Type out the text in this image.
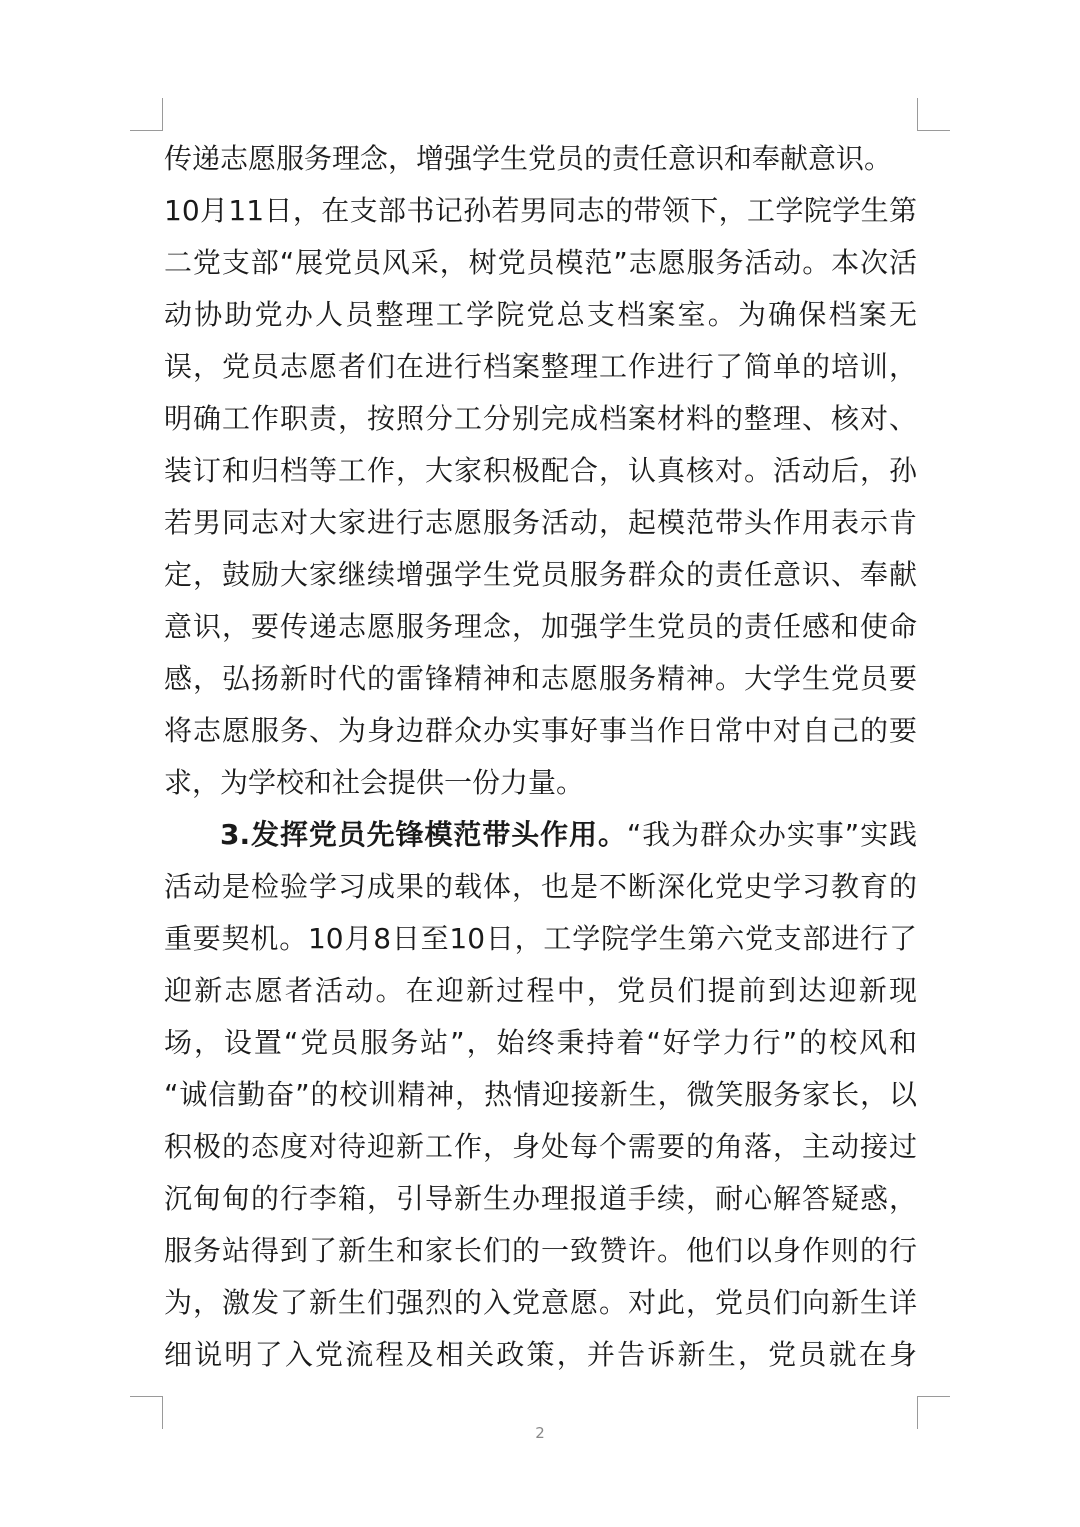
传递志愿服务理念，增强学生党员的责任意识和奉献意识。
10月11日，在支部书记孙若男同志的带领下，工学院学生第
二党支部“展党员风采，树党员模范”志愿服务活动。本次活
动协助党办人员整理工学院党总支档案室。为确保档案无
误，党员志愿者们在进行档案整理工作进行了简单的培训，
明确工作职责，按照分工分别完成档案材料的整理、核对、
装订和归档等工作，大家积极配合，认真核对。活动后，孙
若男同志对大家进行志愿服务活动，起模范带头作用表示肯
定，鼓励大家继续增强学生党员服务群众的责任意识、奉献
意识，要传递志愿服务理念，加强学生党员的责任感和使命
感，弘扬新时代的雷锋精神和志愿服务精神。大学生党员要
将志愿服务、为身边群众办实事好事当作日常中对自己的要
求，为学校和社会提供一份力量。
3.发挥党员先锋模范带头作用。“我为群众办实事”实践
活动是检验学习成果的载体，也是不断深化党史学习教育的
重要契机。10月8日至10日，工学院学生第六党支部进行了
迎新志愿者活动。在迎新过程中，党员们提前到达迎新现
场，设置“党员服务站”，始终秉持着“好学力行”的校风和
“诚信勤奋”的校训精神，热情迎接新生，微笑服务家长，以
积极的态度对待迎新工作，身处每个需要的角落，主动接过
沉甸甸的行李箱，引导新生办理报道手续，耐心解答疑惑，
服务站得到了新生和家长们的一致赞许。他们以身作则的行
为，激发了新生们强烈的入党意愿。对此，党员们向新生详
细说明了入党流程及相关政策，并告诉新生，党员就在身
2
